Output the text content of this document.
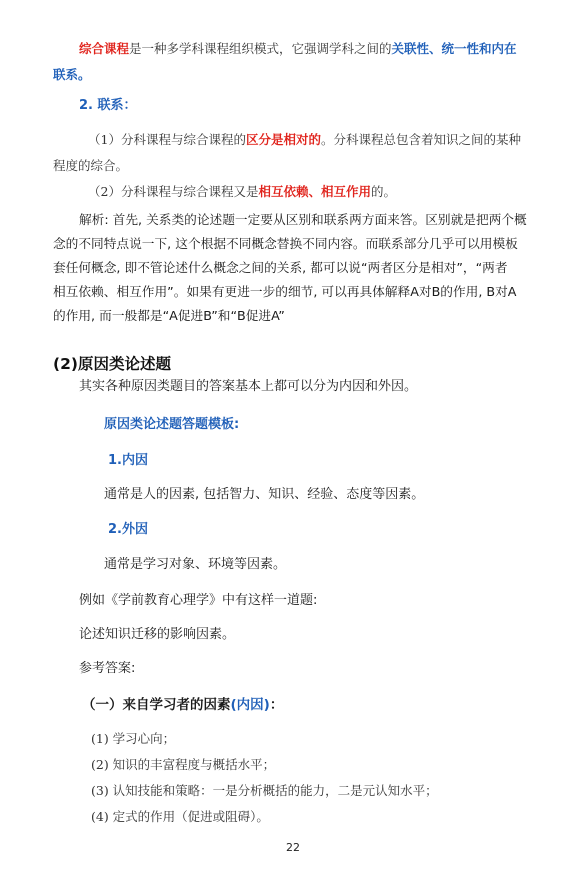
综合课程是一种多学科课程组织模式，它强调学科之间的关联性、统一性和内在
联系。
2. 联系：
（1）分科课程与综合课程的区分是相对的。分科课程总包含着知识之间的某种
程度的综合。
（2）分科课程与综合课程又是相互依赖、相互作用的。
解析: 首先, 关系类的论述题一定要从区别和联系两方面来答。区别就是把两个概
念的不同特点说一下, 这个根据不同概念替换不同内容。而联系部分几乎可以用模板
套任何概念, 即不管论述什么概念之间的关系, 都可以说“两者区分是相对”，“两者
相互依赖、相互作用”。如果有更进一步的细节, 可以再具体解释A对B的作用, B对A
的作用, 而一般都是“A促进B”和“B促进A”
(2)原因类论述题
其实各种原因类题目的答案基本上都可以分为内因和外因。
原因类论述题答题模板:
1.内因
通常是人的因素, 包括智力、知识、经验、态度等因素。
2.外因
通常是学习对象、环境等因素。
例如《学前教育心理学》中有这样一道题:
论述知识迁移的影响因素。
参考答案:
（一）来自学习者的因素(内因)：
(1) 学习心向；
(2) 知识的丰富程度与概括水平；
(3) 认知技能和策略：一是分析概括的能力，二是元认知水平；
(4) 定式的作用（促进或阻碍）。
22
